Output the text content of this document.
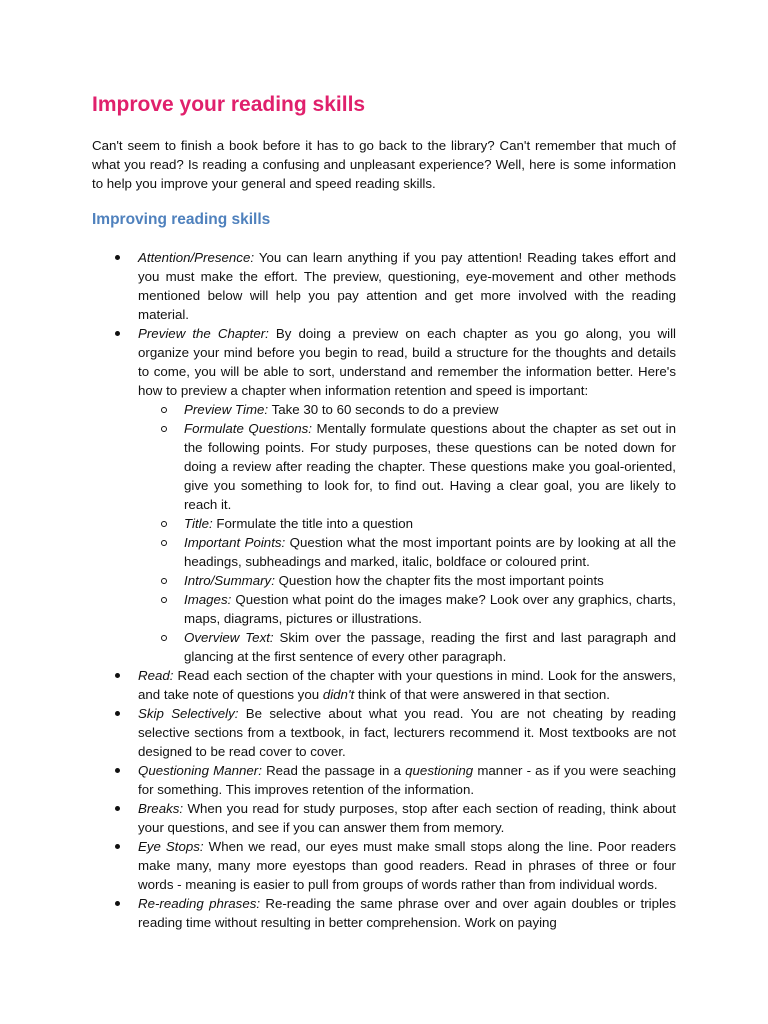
Improve your reading skills

Can't seem to finish a book before it has to go back to the library? Can't remember that much of what you read? Is reading a confusing and unpleasant experience? Well, here is some information to help you improve your general and speed reading skills.

Improving reading skills
Attention/Presence: You can learn anything if you pay attention! Reading takes effort and you must make the effort. The preview, questioning, eye-movement and other methods mentioned below will help you pay attention and get more involved with the reading material.
Preview the Chapter: By doing a preview on each chapter as you go along, you will organize your mind before you begin to read, build a structure for the thoughts and details to come, you will be able to sort, understand and remember the information better. Here's how to preview a chapter when information retention and speed is important:
Preview Time: Take 30 to 60 seconds to do a preview
Formulate Questions: Mentally formulate questions about the chapter as set out in the following points. For study purposes, these questions can be noted down for doing a review after reading the chapter. These questions make you goal-oriented, give you something to look for, to find out. Having a clear goal, you are likely to reach it.
Title: Formulate the title into a question
Important Points: Question what the most important points are by looking at all the headings, subheadings and marked, italic, boldface or coloured print.
Intro/Summary: Question how the chapter fits the most important points
Images: Question what point do the images make? Look over any graphics, charts, maps, diagrams, pictures or illustrations.
Overview Text: Skim over the passage, reading the first and last paragraph and glancing at the first sentence of every other paragraph.
Read: Read each section of the chapter with your questions in mind. Look for the answers, and take note of questions you didn't think of that were answered in that section.
Skip Selectively: Be selective about what you read. You are not cheating by reading selective sections from a textbook, in fact, lecturers recommend it. Most textbooks are not designed to be read cover to cover.
Questioning Manner: Read the passage in a questioning manner - as if you were seaching for something. This improves retention of the information.
Breaks: When you read for study purposes, stop after each section of reading, think about your questions, and see if you can answer them from memory.
Eye Stops: When we read, our eyes must make small stops along the line. Poor readers make many, many more eyestops than good readers. Read in phrases of three or four words - meaning is easier to pull from groups of words rather than from individual words.
Re-reading phrases: Re-reading the same phrase over and over again doubles or triples reading time without resulting in better comprehension. Work on paying
